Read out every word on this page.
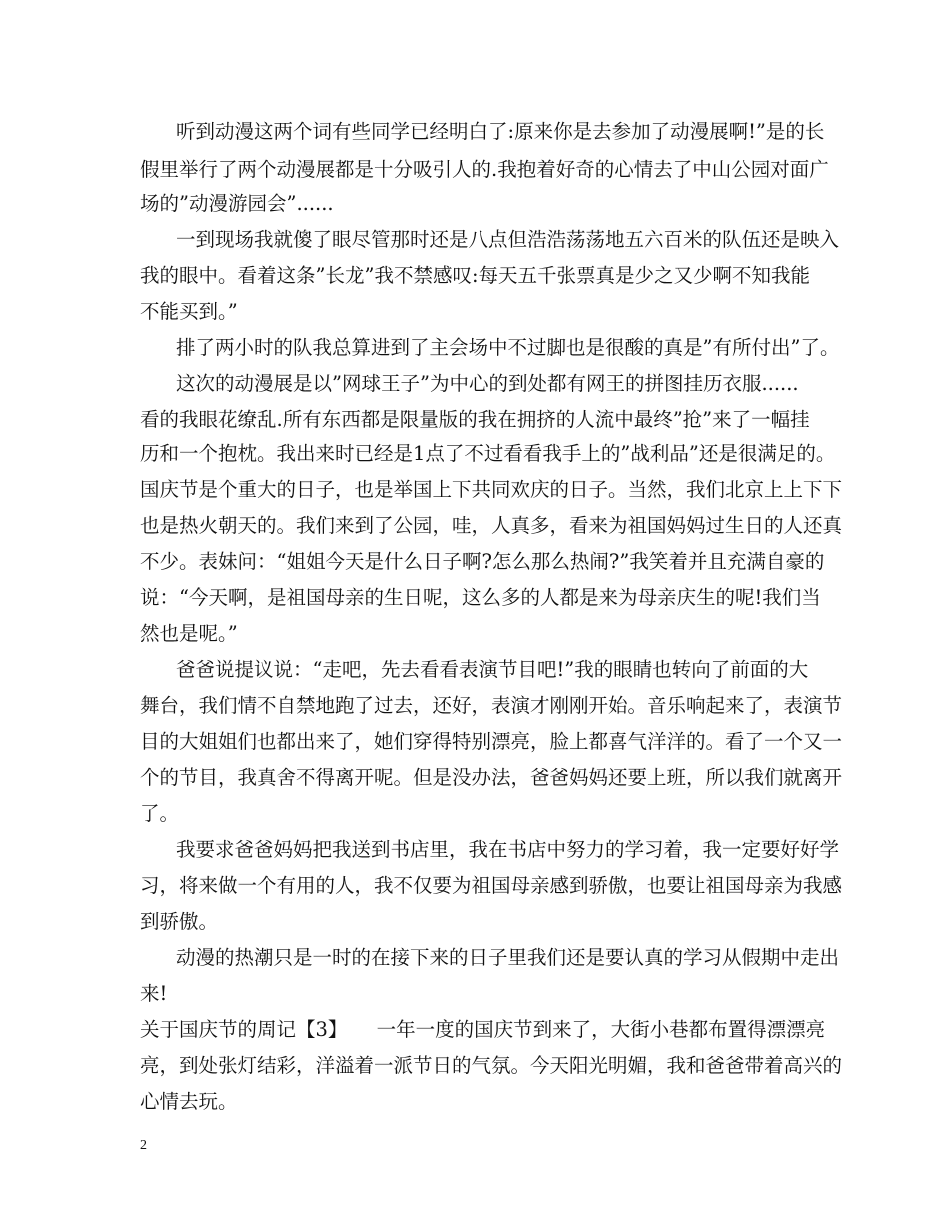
听到动漫这两个词有些同学已经明白了:原来你是去参加了动漫展啊!”是的长
假里举行了两个动漫展都是十分吸引人的.我抱着好奇的心情去了中山公园对面广
场的”动漫游园会”......
一到现场我就傻了眼尽管那时还是八点但浩浩荡荡地五六百米的队伍还是映入
我的眼中。看着这条”长龙”我不禁感叹:每天五千张票真是少之又少啊不知我能
不能买到。”
排了两小时的队我总算进到了主会场中不过脚也是很酸的真是”有所付出”了。
这次的动漫展是以”网球王子”为中心的到处都有网王的拼图挂历衣服......
看的我眼花缭乱.所有东西都是限量版的我在拥挤的人流中最终”抢”来了一幅挂
历和一个抱枕。我出来时已经是1点了不过看看我手上的”战利品”还是很满足的。
国庆节是个重大的日子，也是举国上下共同欢庆的日子。当然，我们北京上上下下
也是热火朝天的。我们来到了公园，哇，人真多，看来为祖国妈妈过生日的人还真
不少。表妹问：“姐姐今天是什么日子啊?怎么那么热闹?”我笑着并且充满自豪的
说：“今天啊，是祖国母亲的生日呢，这么多的人都是来为母亲庆生的呢!我们当
然也是呢。”
爸爸说提议说：“走吧，先去看看表演节目吧!”我的眼睛也转向了前面的大
舞台，我们情不自禁地跑了过去，还好，表演才刚刚开始。音乐响起来了，表演节
目的大姐姐们也都出来了，她们穿得特别漂亮，脸上都喜气洋洋的。看了一个又一
个的节目，我真舍不得离开呢。但是没办法，爸爸妈妈还要上班，所以我们就离开
了。
我要求爸爸妈妈把我送到书店里，我在书店中努力的学习着，我一定要好好学
习，将来做一个有用的人，我不仅要为祖国母亲感到骄傲，也要让祖国母亲为我感
到骄傲。
动漫的热潮只是一时的在接下来的日子里我们还是要认真的学习从假期中走出
来!
关于国庆节的周记【3】　　一年一度的国庆节到来了，大街小巷都布置得漂漂亮
亮，到处张灯结彩，洋溢着一派节日的气氛。今天阳光明媚，我和爸爸带着高兴的
心情去玩。
2
